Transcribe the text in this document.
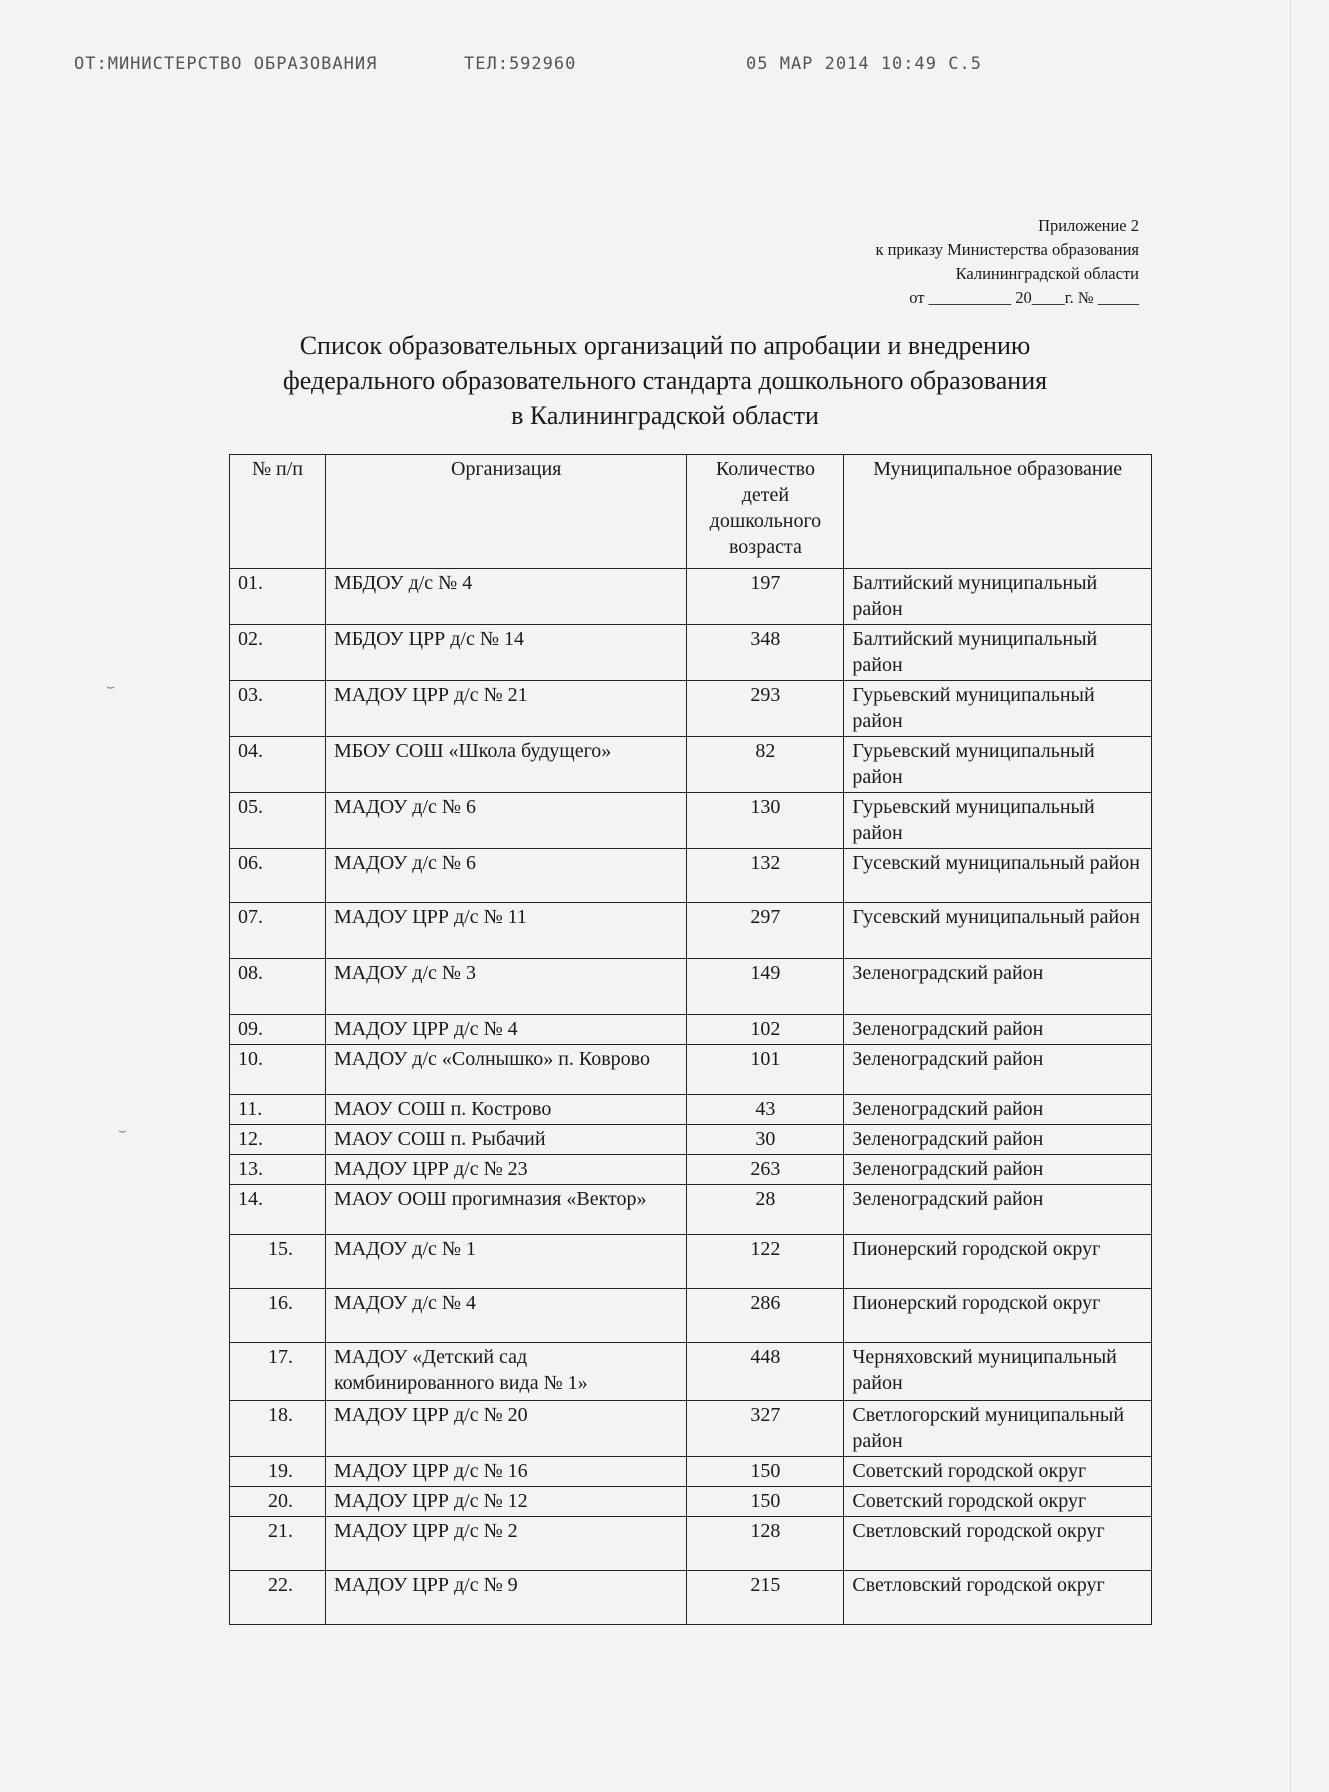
ОТ:МИНИСТЕРСТВО ОБРАЗОВАНИЯ	ТЕЛ:592960	05 МАР 2014 10:49 С.5
Приложение 2
к приказу Министерства образования
Калининградской области
от __________ 20____г. № _____
Список образовательных организаций по апробации и внедрению
федерального образовательного стандарта дошкольного образования
в Калининградской области
№ п/п	Организация	Количество детей дошкольного возраста	Муниципальное образование
01.	МБДОУ д/с № 4	197	Балтийский муниципальный район
02.	МБДОУ ЦРР д/с № 14	348	Балтийский муниципальный район
03.	МАДОУ ЦРР д/с № 21	293	Гурьевский муниципальный район
04.	МБОУ СОШ «Школа будущего»	82	Гурьевский муниципальный район
05.	МАДОУ д/с № 6	130	Гурьевский муниципальный район
06.	МАДОУ д/с № 6	132	Гусевский муниципальный район
07.	МАДОУ ЦРР д/с № 11	297	Гусевский муниципальный район
08.	МАДОУ д/с № 3	149	Зеленоградский район
09.	МАДОУ ЦРР д/с № 4	102	Зеленоградский район
10.	МАДОУ д/с «Солнышко» п. Коврово	101	Зеленоградский район
11.	МАОУ СОШ п. Кострово	43	Зеленоградский район
12.	МАОУ СОШ п. Рыбачий	30	Зеленоградский район
13.	МАДОУ ЦРР д/с № 23	263	Зеленоградский район
14.	МАОУ ООШ прогимназия «Вектор»	28	Зеленоградский район
15.	МАДОУ д/с № 1	122	Пионерский городской округ
16.	МАДОУ д/с № 4	286	Пионерский городской округ
17.	МАДОУ «Детский сад комбинированного вида № 1»	448	Черняховский муниципальный район
18.	МАДОУ ЦРР д/с № 20	327	Светлогорский муниципальный район
19.	МАДОУ ЦРР д/с № 16	150	Советский городской округ
20.	МАДОУ ЦРР д/с № 12	150	Советский городской округ
21.	МАДОУ ЦРР д/с № 2	128	Светловский городской округ
22.	МАДОУ ЦРР д/с № 9	215	Светловский городской округ
⌣
⌣
